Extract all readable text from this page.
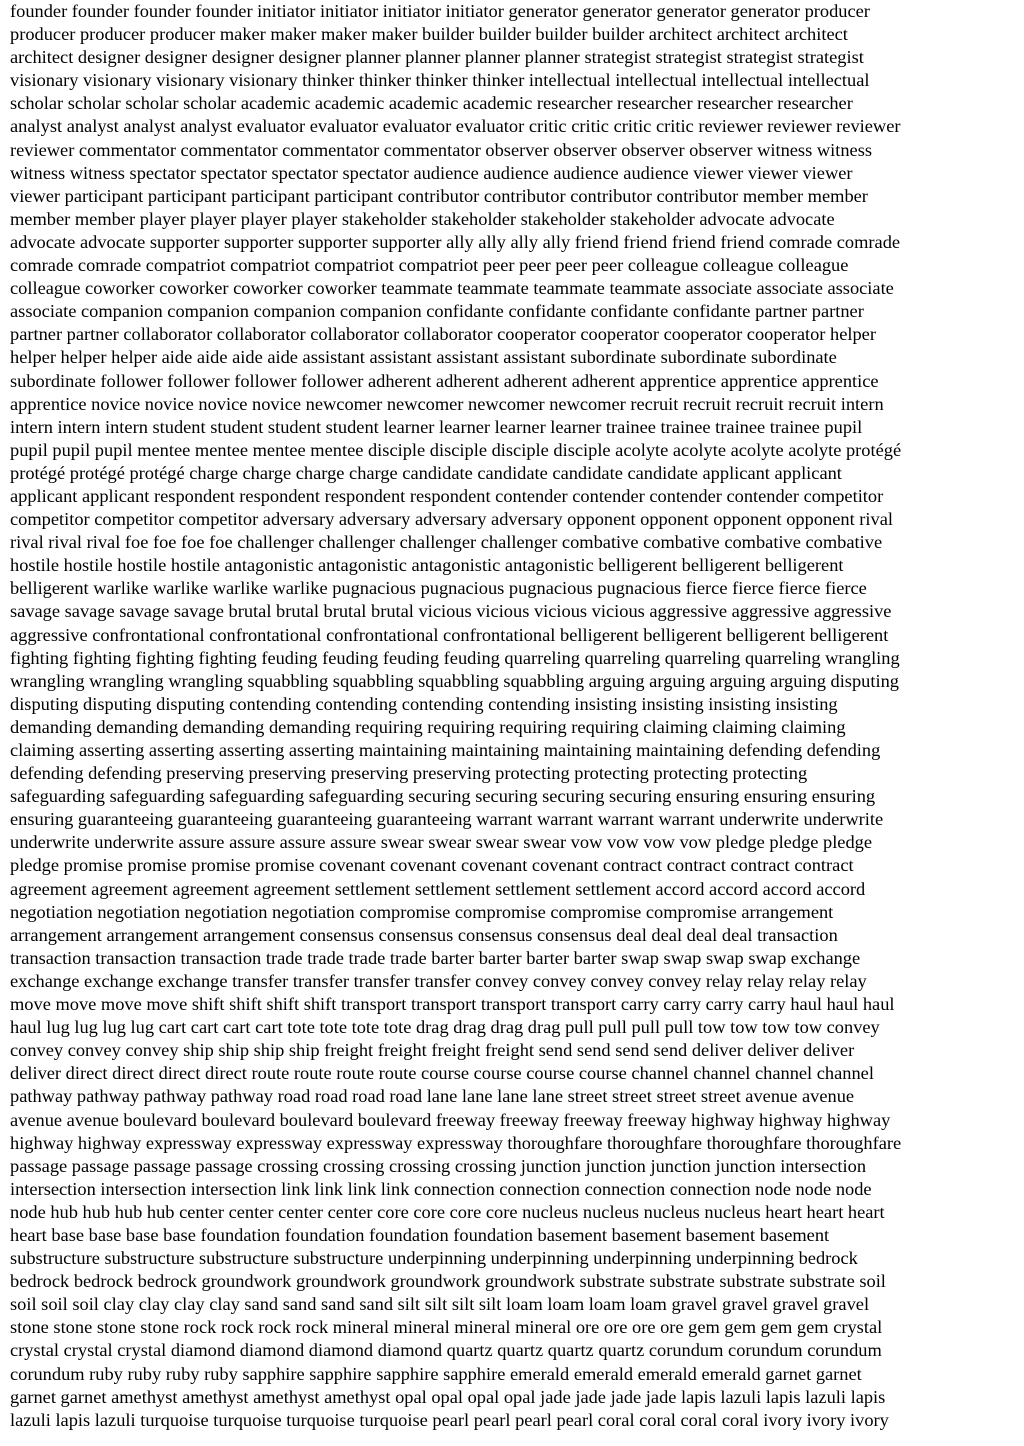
founder founder founder founder initiator initiator initiator initiator generator generator generator generator producer
producer producer producer maker maker maker maker builder builder builder builder architect architect architect
architect designer designer designer designer planner planner planner planner strategist strategist strategist strategist
visionary visionary visionary visionary thinker thinker thinker thinker intellectual intellectual intellectual intellectual
scholar scholar scholar scholar academic academic academic academic researcher researcher researcher researcher
analyst analyst analyst analyst evaluator evaluator evaluator evaluator critic critic critic critic reviewer reviewer reviewer
reviewer commentator commentator commentator commentator observer observer observer observer witness witness
witness witness spectator spectator spectator spectator audience audience audience audience viewer viewer viewer
viewer participant participant participant participant contributor contributor contributor contributor member member
member member player player player player stakeholder stakeholder stakeholder stakeholder advocate advocate
advocate advocate supporter supporter supporter supporter ally ally ally ally friend friend friend friend comrade comrade
comrade comrade compatriot compatriot compatriot compatriot peer peer peer peer colleague colleague colleague
colleague coworker coworker coworker coworker teammate teammate teammate teammate associate associate associate
associate companion companion companion companion confidante confidante confidante confidante partner partner
partner partner collaborator collaborator collaborator collaborator cooperator cooperator cooperator cooperator helper
helper helper helper aide aide aide aide assistant assistant assistant assistant subordinate subordinate subordinate
subordinate follower follower follower follower adherent adherent adherent adherent apprentice apprentice apprentice
apprentice novice novice novice novice newcomer newcomer newcomer newcomer recruit recruit recruit recruit intern
intern intern intern student student student student learner learner learner learner trainee trainee trainee trainee pupil
pupil pupil pupil mentee mentee mentee mentee disciple disciple disciple disciple acolyte acolyte acolyte acolyte protégé
protégé protégé protégé charge charge charge charge candidate candidate candidate candidate applicant applicant
applicant applicant respondent respondent respondent respondent contender contender contender contender competitor
competitor competitor competitor adversary adversary adversary adversary opponent opponent opponent opponent rival
rival rival rival foe foe foe foe challenger challenger challenger challenger combative combative combative combative
hostile hostile hostile hostile antagonistic antagonistic antagonistic antagonistic belligerent belligerent belligerent
belligerent warlike warlike warlike warlike pugnacious pugnacious pugnacious pugnacious fierce fierce fierce fierce
savage savage savage savage brutal brutal brutal brutal vicious vicious vicious vicious aggressive aggressive aggressive
aggressive confrontational confrontational confrontational confrontational belligerent belligerent belligerent belligerent
fighting fighting fighting fighting feuding feuding feuding feuding quarreling quarreling quarreling quarreling wrangling
wrangling wrangling wrangling squabbling squabbling squabbling squabbling arguing arguing arguing arguing disputing
disputing disputing disputing contending contending contending contending insisting insisting insisting insisting
demanding demanding demanding demanding requiring requiring requiring requiring claiming claiming claiming
claiming asserting asserting asserting asserting maintaining maintaining maintaining maintaining defending defending
defending defending preserving preserving preserving preserving protecting protecting protecting protecting
safeguarding safeguarding safeguarding safeguarding securing securing securing securing ensuring ensuring ensuring
ensuring guaranteeing guaranteeing guaranteeing guaranteeing warrant warrant warrant warrant underwrite underwrite
underwrite underwrite assure assure assure assure swear swear swear swear vow vow vow vow pledge pledge pledge
pledge promise promise promise promise covenant covenant covenant covenant contract contract contract contract
agreement agreement agreement agreement settlement settlement settlement settlement accord accord accord accord
negotiation negotiation negotiation negotiation compromise compromise compromise compromise arrangement
arrangement arrangement arrangement consensus consensus consensus consensus deal deal deal deal transaction
transaction transaction transaction trade trade trade trade barter barter barter barter swap swap swap swap exchange
exchange exchange exchange transfer transfer transfer transfer convey convey convey convey relay relay relay relay
move move move move shift shift shift shift transport transport transport transport carry carry carry carry haul haul haul
haul lug lug lug lug cart cart cart cart tote tote tote tote drag drag drag drag pull pull pull pull tow tow tow tow convey
convey convey convey ship ship ship ship freight freight freight freight send send send send deliver deliver deliver
deliver direct direct direct direct route route route route course course course course channel channel channel channel
pathway pathway pathway pathway road road road road lane lane lane lane street street street street avenue avenue
avenue avenue boulevard boulevard boulevard boulevard freeway freeway freeway freeway highway highway highway
highway highway expressway expressway expressway expressway thoroughfare thoroughfare thoroughfare thoroughfare
passage passage passage passage crossing crossing crossing crossing junction junction junction junction intersection
intersection intersection intersection link link link link connection connection connection connection node node node
node hub hub hub hub center center center center core core core core nucleus nucleus nucleus nucleus heart heart heart
heart base base base base foundation foundation foundation foundation basement basement basement basement
substructure substructure substructure substructure underpinning underpinning underpinning underpinning bedrock
bedrock bedrock bedrock groundwork groundwork groundwork groundwork substrate substrate substrate substrate soil
soil soil soil clay clay clay clay sand sand sand sand silt silt silt silt loam loam loam loam gravel gravel gravel gravel
stone stone stone stone rock rock rock rock mineral mineral mineral mineral ore ore ore ore gem gem gem gem crystal
crystal crystal crystal diamond diamond diamond diamond quartz quartz quartz quartz corundum corundum corundum
corundum ruby ruby ruby ruby sapphire sapphire sapphire sapphire emerald emerald emerald emerald garnet garnet
garnet garnet amethyst amethyst amethyst amethyst opal opal opal opal jade jade jade jade lapis lazuli lapis lazuli lapis
lazuli lapis lazuli turquoise turquoise turquoise turquoise pearl pearl pearl pearl coral coral coral coral ivory ivory ivory
